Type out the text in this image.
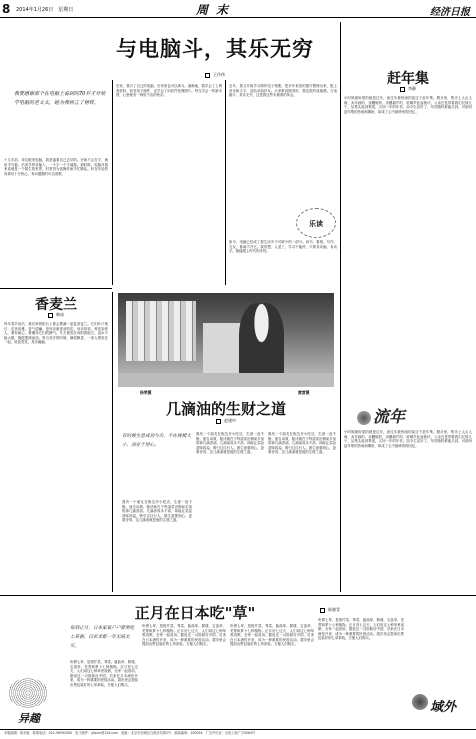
8 2014年1月26日　星期日	周末	经济日报
与电脑斗，其乐无穷
王作伟
我要感谢那个在电脑上看到的70岁才开始学电脑的老太太，她为我树立了榜样。
十几年前，单位配发电脑，我是逼着自己去学的。开始不会打字，就用手写板；后来学拼音输入，一个字一个字地敲。那时候，电脑对我来说就是一个陌生的世界，时常因为误操作而手忙脚乱。好在年轻的同事们十分热心，有问题随时可以请教。
后来，我买了自己的电脑，在家里也可以练习。渐渐地，我学会了上网查资料、收发电子邮件，还学会了用软件处理照片。每当学会一样新本领，心里就有一种说不出的快乐。
去年，我又开始学习制作电子相册，把多年来拍的照片整理出来，配上音乐和文字，送给亲朋好友。大家都说做得好，我也很有成就感。与电脑斗，其乐无穷，这是我这些年最深的体会。
如今，电脑已经成了我生活中不可缺少的一部分。读书、看报、写作、交友，都离不开它。我常想，人老了，学习不能停，只要肯动脑、肯动手，就能跟上时代的步伐。
乐读
香麦兰
韩冰
每年春节前后，我们家的阳台上都会摆满一盆盆香麦兰。它们叶片细长，花朵淡雅，香气清幽，是母亲最喜爱的花。母亲常说，养花如养人，要有耐心，要懂得它们的脾气。冬天要放在向阳的地方，浇水不能太勤，施肥要薄而淡。每当花开的时候，满屋飘香，一家人围坐在一起，说说笑笑，其乐融融。
赶年集
李静
小时候最盼望的就是过年，而过年最热闹的莫过于赶年集。腊月里，集市上人山人海，卖年画的、卖鞭炮的、卖糖葫芦的，吆喝声此起彼伏。父亲总是带着我们兄妹几个，从集头逛到集尾，买回一年的年货。如今生活好了，年货随时都能买到，可那份赶年集的热闹和期盼，却成了心中最珍贵的回忆。
流年
小时候最盼望的就是过年，而过年最热闹的莫过于赶年集。腊月里，集市上人山人海，卖年画的、卖鞭炮的、卖糖葫芦的，吆喝声此起彼伏。父亲总是带着我们兄妹几个，从集头逛到集尾，买回一年的年货。如今生活好了，年货随时都能买到，可那份赶年集的热闹和期盼，却成了心中最珍贵的回忆。
杨荣摄	黄营摄
几滴油的生财之道
赵建中
有时候生意成功与否，不在规模大小，而在于用心。
我有一个朋友在街边开小吃店，生意一直不错。他告诉我，秘诀就在于每道菜出锅前多加的那几滴香油。几滴油成本不高，却能让菜品香味四溢，吸引过往行人。做生意要细心，更要舍得，这几滴油就是他的生财之道。
我有一个朋友在街边开小吃店，生意一直不错。他告诉我，秘诀就在于每道菜出锅前多加的那几滴香油。几滴油成本不高，却能让菜品香味四溢，吸引过往行人。做生意要细心，更要舍得，这几滴油就是他的生财之道。
我有一个朋友在街边开小吃店，生意一直不错。他告诉我，秘诀就在于每道菜出锅前多加的那几滴香油。几滴油成本不高，却能让菜品香味四溢，吸引过往行人。做生意要细心，更要舍得，这几滴油就是他的生财之道。
异趣
正月在日本吃"草"	陈晓青
每到正月，日本家家户户都要吃七草粥，以祈求新一年无病无灾。
所谓七草，是指芹菜、荠菜、鼠曲草、繁缕、宝盖草、芜菁和萝卜七种植物。正月初七这天，人们用这七种草煮成粥，全家一起食用。据说这一习俗源自中国，后来在日本流传开来，成为一种重要的民俗活动。超市里会提前出售包装好的七草套装，方便人们购买。
所谓七草，是指芹菜、荠菜、鼠曲草、繁缕、宝盖草、芜菁和萝卜七种植物。正月初七这天，人们用这七种草煮成粥，全家一起食用。据说这一习俗源自中国，后来在日本流传开来，成为一种重要的民俗活动。超市里会提前出售包装好的七草套装，方便人们购买。
所谓七草，是指芹菜、荠菜、鼠曲草、繁缕、宝盖草、芜菁和萝卜七种植物。正月初七这天，人们用这七种草煮成粥，全家一起食用。据说这一习俗源自中国，后来在日本流传开来，成为一种重要的民俗活动。超市里会提前出售包装好的七草套装，方便人们购买。
所谓七草，是指芹菜、荠菜、鼠曲草、繁缕、宝盖草、芜菁和萝卜七种植物。正月初七这天，人们用这七种草煮成粥，全家一起食用。据说这一习俗源自中国，后来在日本流传开来，成为一种重要的民俗活动。超市里会提前出售包装好的七草套装，方便人们购买。
域外
本版编辑：周末版　联系电话：010-58392000　电子邮件：jjrbzm@126.com　地址：北京市西城区白纸坊东街2号　邮政编码：100054　广告许可证：京西工商广字0064号
